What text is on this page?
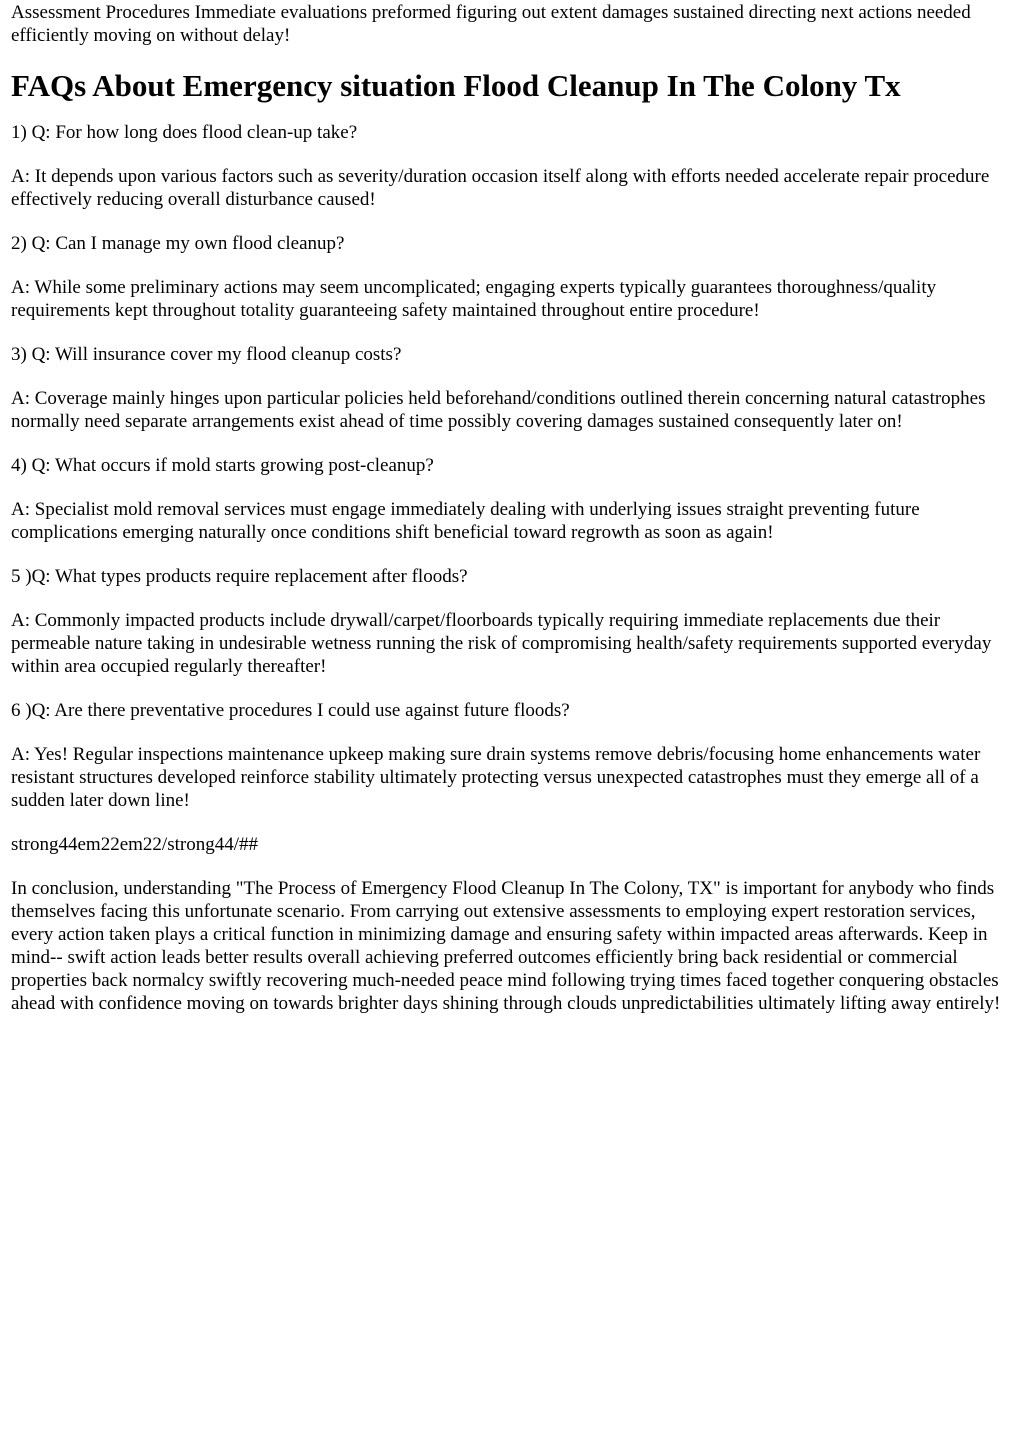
Assessment Procedures Immediate evaluations preformed figuring out extent damages sustained directing next actions needed efficiently moving on without delay!

FAQs About Emergency situation Flood Cleanup In The Colony Tx

1) Q: For how long does flood clean-up take?

A: It depends upon various factors such as severity/duration occasion itself along with efforts needed accelerate repair procedure effectively reducing overall disturbance caused!

2) Q: Can I manage my own flood cleanup?

A: While some preliminary actions may seem uncomplicated; engaging experts typically guarantees thoroughness/quality requirements kept throughout totality guaranteeing safety maintained throughout entire procedure!

3) Q: Will insurance cover my flood cleanup costs?

A: Coverage mainly hinges upon particular policies held beforehand/conditions outlined therein concerning natural catastrophes normally need separate arrangements exist ahead of time possibly covering damages sustained consequently later on!

4) Q: What occurs if mold starts growing post-cleanup?

A: Specialist mold removal services must engage immediately dealing with underlying issues straight preventing future complications emerging naturally once conditions shift beneficial toward regrowth as soon as again!

5 )Q: What types products require replacement after floods?

A: Commonly impacted products include drywall/carpet/floorboards typically requiring immediate replacements due their permeable nature taking in undesirable wetness running the risk of compromising health/safety requirements supported everyday within area occupied regularly thereafter!

6 )Q: Are there preventative procedures I could use against future floods?

A: Yes! Regular inspections maintenance upkeep making sure drain systems remove debris/focusing home enhancements water resistant structures developed reinforce stability ultimately protecting versus unexpected catastrophes must they emerge all of a sudden later down line!

strong44em22em22/strong44/##

In conclusion, understanding "The Process of Emergency Flood Cleanup In The Colony, TX" is important for anybody who finds themselves facing this unfortunate scenario. From carrying out extensive assessments to employing expert restoration services, every action taken plays a critical function in minimizing damage and ensuring safety within impacted areas afterwards. Keep in mind-- swift action leads better results overall achieving preferred outcomes efficiently bring back residential or commercial properties back normalcy swiftly recovering much-needed peace mind following trying times faced together conquering obstacles ahead with confidence moving on towards brighter days shining through clouds unpredictabilities ultimately lifting away entirely!
